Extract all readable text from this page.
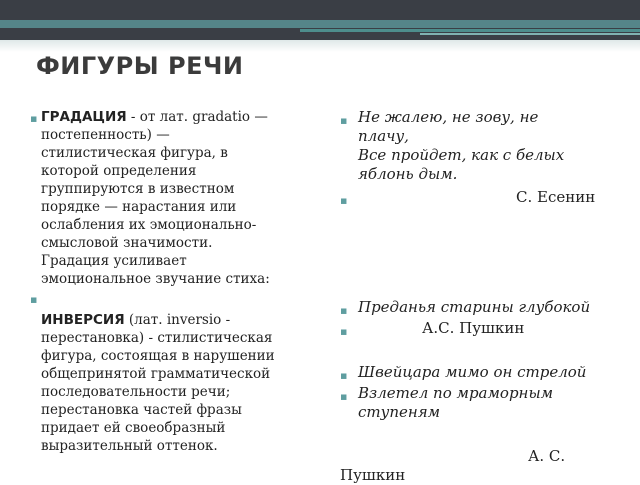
ФИГУРЫ РЕЧИ
▪ ГРАДАЦИЯ - от лат. gradatio —
постепенность) —
стилистическая фигура, в
которой определения
группируются в известном
порядке — нарастания или
ослабления их эмоционально-
смысловой значимости.
Градация усиливает
эмоциональное звучание стиха:
▪
ИНВЕРСИЯ (лат. inversio -
перестановка) - стилистическая
фигура, состоящая в нарушении
общепринятой грамматической
последовательности речи;
перестановка частей фразы
придает ей своеобразный
выразительный оттенок.
▪ Не жалею, не зову, не
плачу,
Все пройдет, как с белых
яблонь дым.
▪	С. Есенин
▪ Преданья старины глубокой
▪	А.С. Пушкин
▪ Швейцара мимо он стрелой
▪ Взлетел по мраморным
ступеням
А. С.
Пушкин
